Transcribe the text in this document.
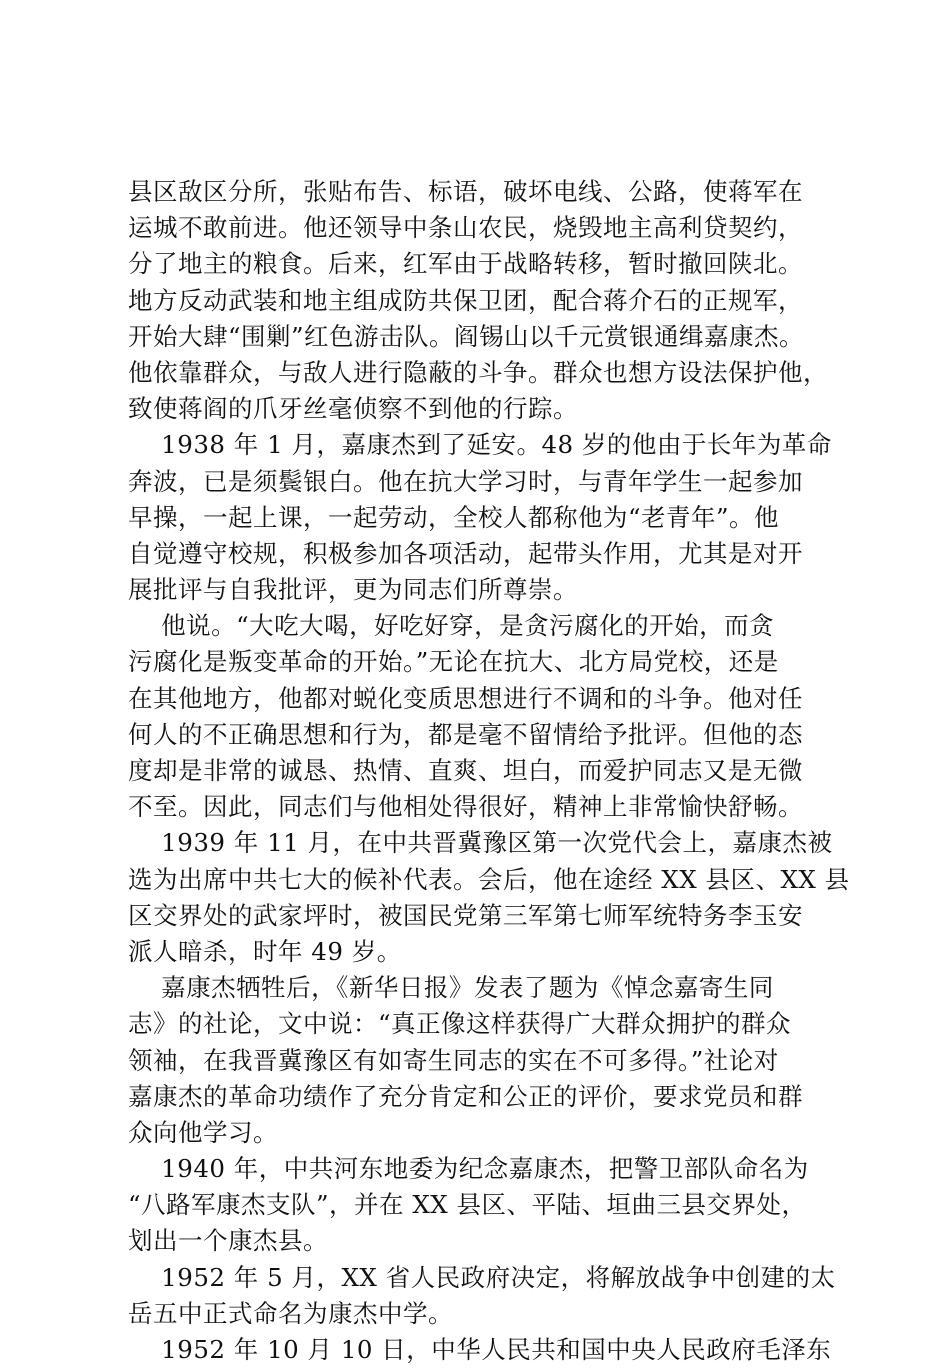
县区敌区分所，张贴布告、标语，破坏电线、公路，使蒋军在
运城不敢前进。他还领导中条山农民，烧毁地主高利贷契约，
分了地主的粮食。后来，红军由于战略转移，暂时撤回陕北。
地方反动武装和地主组成防共保卫团，配合蒋介石的正规军，
开始大肆“围剿”红色游击队。阎锡山以千元赏银通缉嘉康杰。
他依靠群众，与敌人进行隐蔽的斗争。群众也想方设法保护他，
致使蒋阎的爪牙丝毫侦察不到他的行踪。
1938 年 1 月，嘉康杰到了延安。48 岁的他由于长年为革命
奔波，已是须鬓银白。他在抗大学习时，与青年学生一起参加
早操，一起上课，一起劳动，全校人都称他为“老青年”。他
自觉遵守校规，积极参加各项活动，起带头作用，尤其是对开
展批评与自我批评，更为同志们所尊崇。
他说。“大吃大喝，好吃好穿，是贪污腐化的开始，而贪
污腐化是叛变革命的开始。”无论在抗大、北方局党校，还是
在其他地方，他都对蜕化变质思想进行不调和的斗争。他对任
何人的不正确思想和行为，都是毫不留情给予批评。但他的态
度却是非常的诚恳、热情、直爽、坦白，而爱护同志又是无微
不至。因此，同志们与他相处得很好，精神上非常愉快舒畅。
1939 年 11 月，在中共晋冀豫区第一次党代会上，嘉康杰被
选为出席中共七大的候补代表。会后，他在途经 XX 县区、XX 县
区交界处的武家坪时，被国民党第三军第七师军统特务李玉安
派人暗杀，时年 49 岁。
嘉康杰牺牲后，《新华日报》发表了题为《悼念嘉寄生同
志》的社论，文中说：“真正像这样获得广大群众拥护的群众
领袖，在我晋冀豫区有如寄生同志的实在不可多得。”社论对
嘉康杰的革命功绩作了充分肯定和公正的评价，要求党员和群
众向他学习。
1940 年，中共河东地委为纪念嘉康杰，把警卫部队命名为
“八路军康杰支队”，并在 XX 县区、平陆、垣曲三县交界处，
划出一个康杰县。
1952 年 5 月，XX 省人民政府决定，将解放战争中创建的太
岳五中正式命名为康杰中学。
1952 年 10 月 10 日，中华人民共和国中央人民政府毛泽东
